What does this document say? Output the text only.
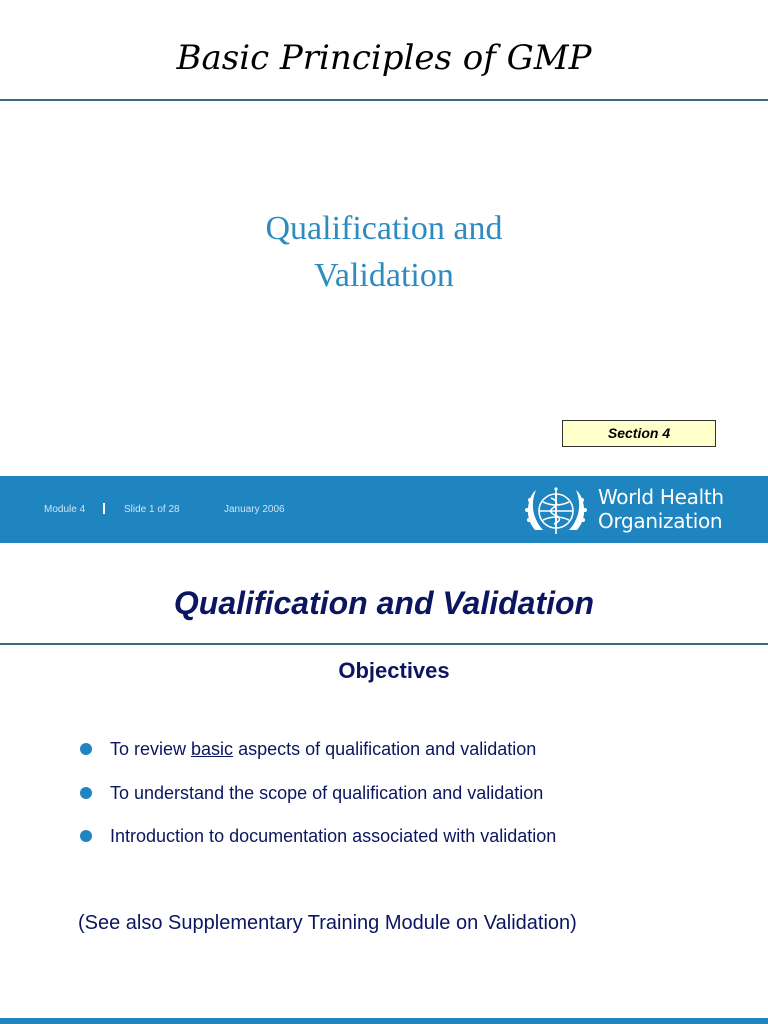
Basic Principles of GMP
Qualification and
Validation
Section 4
Module 4	Slide 1 of 28	January 2006
World Health
Organization
Qualification and Validation
Objectives
To review basic aspects of qualification and validation
To understand the scope of qualification and validation
Introduction to documentation associated with validation
(See also Supplementary Training Module on Validation)
